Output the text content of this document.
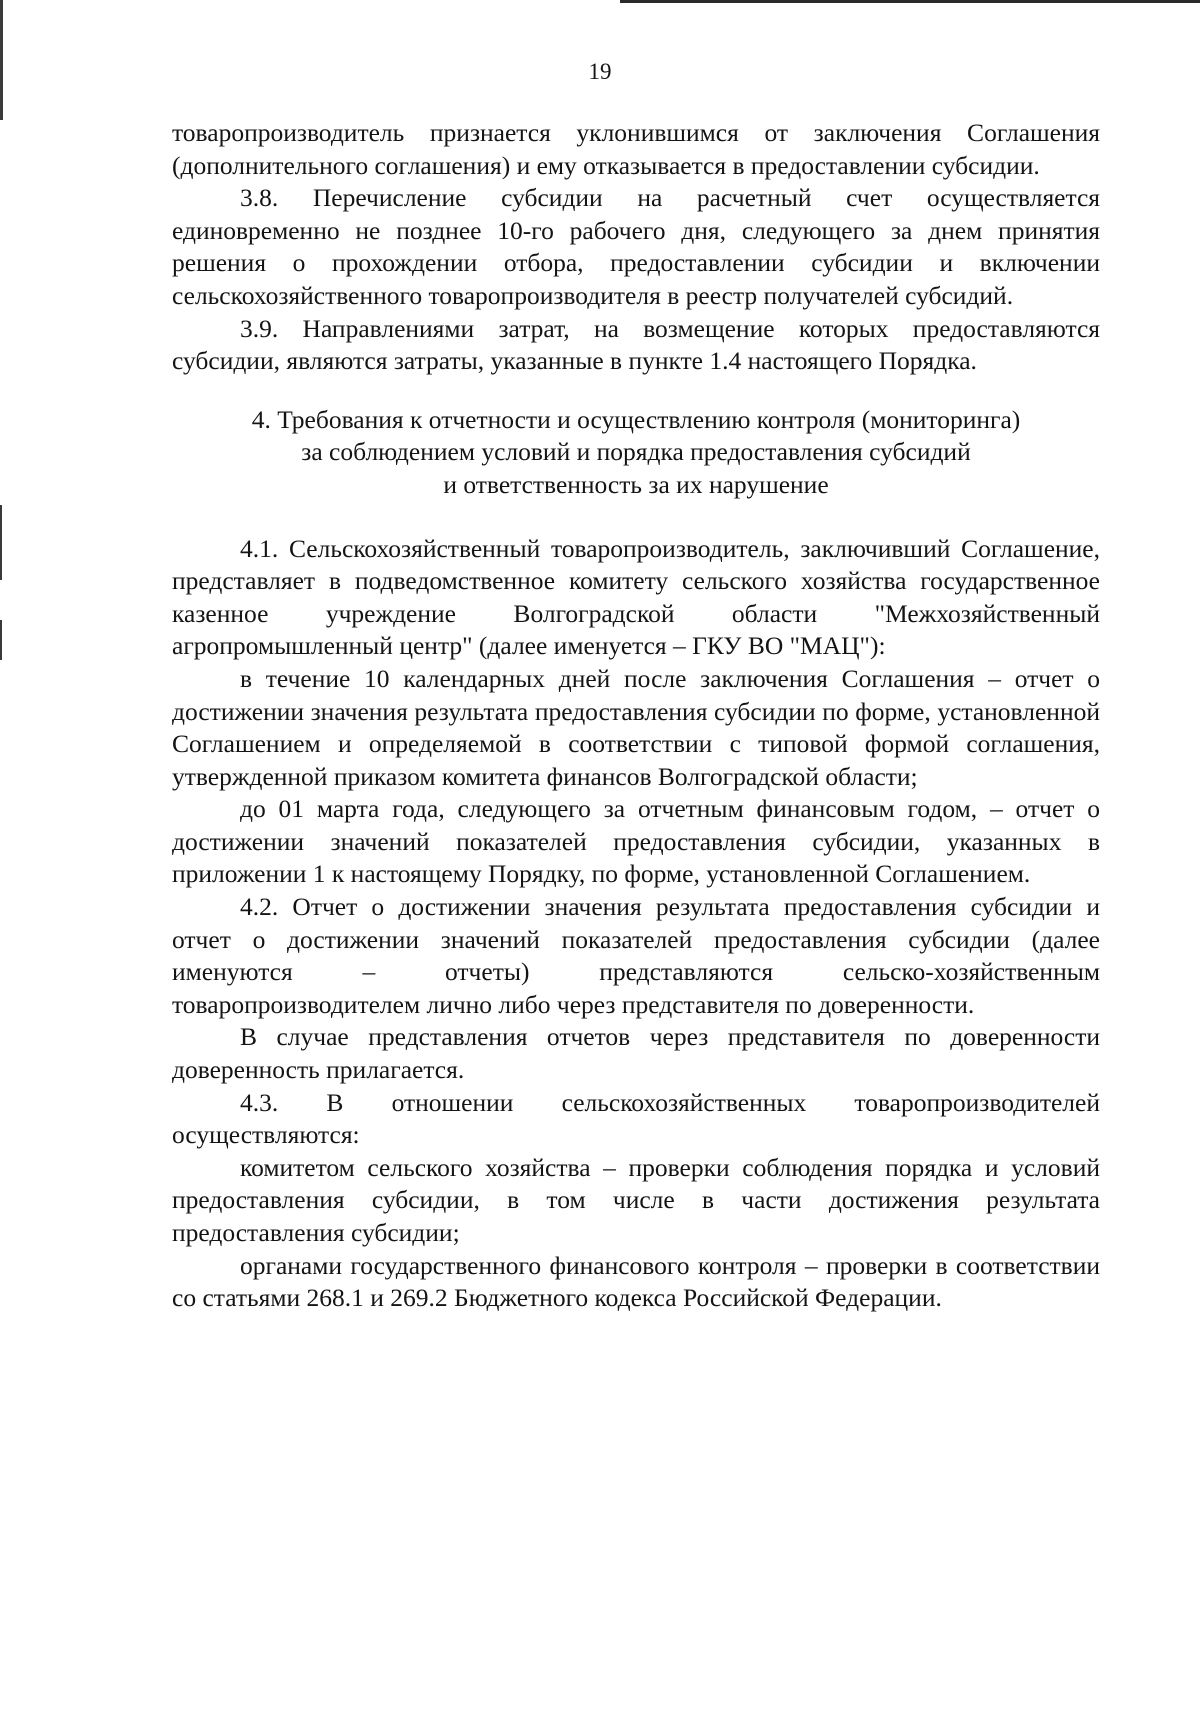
19

товаропроизводитель признается уклонившимся от заключения Соглашения (дополнительного соглашения) и ему отказывается в предоставлении субсидии.

3.8. Перечисление субсидии на расчетный счет осуществляется единовременно не позднее 10-го рабочего дня, следующего за днем принятия решения о прохождении отбора, предоставлении субсидии и включении сельскохозяйственного товаропроизводителя в реестр получателей субсидий.

3.9. Направлениями затрат, на возмещение которых предоставляются субсидии, являются затраты, указанные в пункте 1.4 настоящего Порядка.

4. Требования к отчетности и осуществлению контроля (мониторинга)
за соблюдением условий и порядка предоставления субсидий
и ответственность за их нарушение

4.1. Сельскохозяйственный товаропроизводитель, заключивший Соглашение, представляет в подведомственное комитету сельского хозяйства государственное казенное учреждение Волгоградской области "Межхозяйственный агропромышленный центр" (далее именуется – ГКУ ВО "МАЦ"):

в течение 10 календарных дней после заключения Соглашения – отчет о достижении значения результата предоставления субсидии по форме, установленной Соглашением и определяемой в соответствии с типовой формой соглашения, утвержденной приказом комитета финансов Волгоградской области;

до 01 марта года, следующего за отчетным финансовым годом, – отчет о достижении значений показателей предоставления субсидии, указанных в приложении 1 к настоящему Порядку, по форме, установленной Соглашением.

4.2. Отчет о достижении значения результата предоставления субсидии и отчет о достижении значений показателей предоставления субсидии (далее именуются – отчеты) представляются сельско-хозяйственным товаропроизводителем лично либо через представителя по доверенности.

В случае представления отчетов через представителя по доверенности доверенность прилагается.

4.3. В отношении сельскохозяйственных товаропроизводителей осуществляются:

комитетом сельского хозяйства – проверки соблюдения порядка и условий предоставления субсидии, в том числе в части достижения результата предоставления субсидии;

органами государственного финансового контроля – проверки в соответствии со статьями 268.1 и 269.2 Бюджетного кодекса Российской Федерации.
